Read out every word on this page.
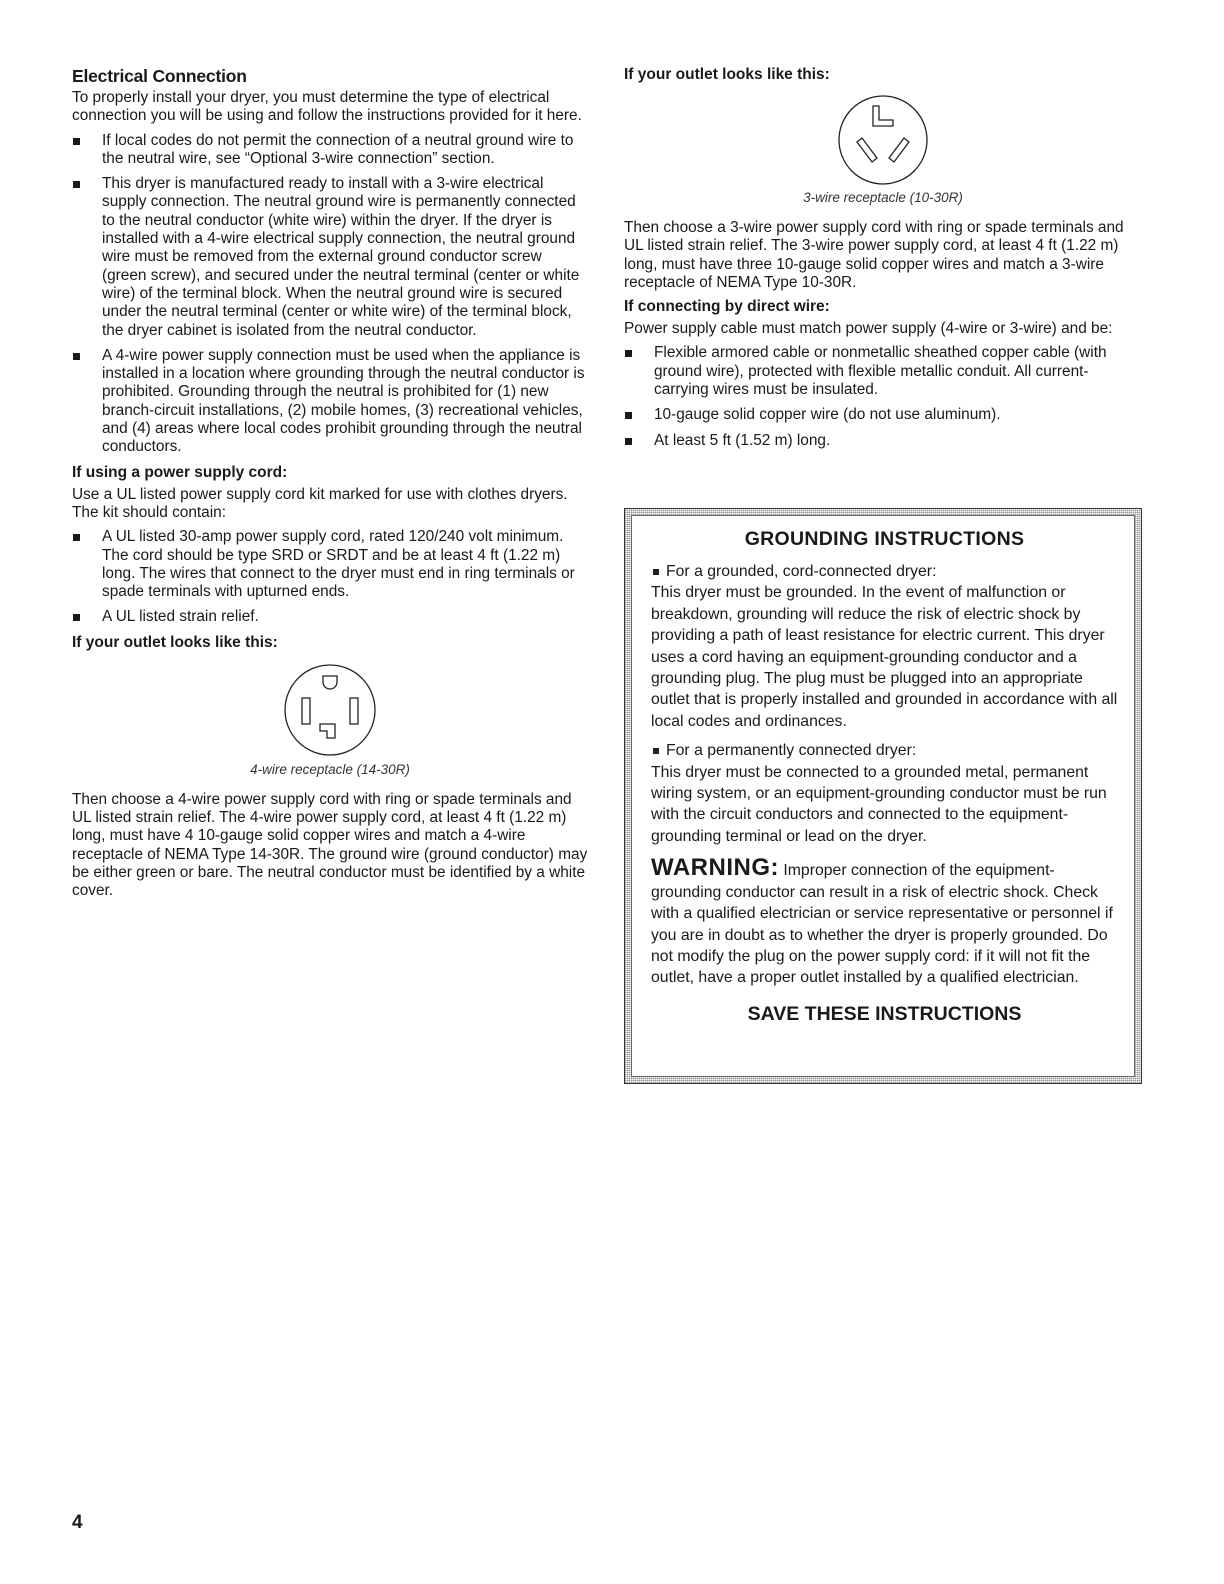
Electrical Connection

To properly install your dryer, you must determine the type of electrical connection you will be using and follow the instructions provided for it here.

If local codes do not permit the connection of a neutral ground wire to the neutral wire, see “Optional 3-wire connection” section.
This dryer is manufactured ready to install with a 3-wire electrical supply connection. The neutral ground wire is permanently connected to the neutral conductor (white wire) within the dryer. If the dryer is installed with a 4-wire electrical supply connection, the neutral ground wire must be removed from the external ground conductor screw (green screw), and secured under the neutral terminal (center or white wire) of the terminal block. When the neutral ground wire is secured under the neutral terminal (center or white wire) of the terminal block, the dryer cabinet is isolated from the neutral conductor.
A 4-wire power supply connection must be used when the appliance is installed in a location where grounding through the neutral conductor is prohibited. Grounding through the neutral is prohibited for (1) new branch-circuit installations, (2) mobile homes, (3) recreational vehicles, and (4) areas where local codes prohibit grounding through the neutral conductors.
If using a power supply cord:

Use a UL listed power supply cord kit marked for use with clothes dryers. The kit should contain:

A UL listed 30-amp power supply cord, rated 120/240 volt minimum. The cord should be type SRD or SRDT and be at least 4 ft (1.22 m) long. The wires that connect to the dryer must end in ring terminals or spade terminals with upturned ends.
A UL listed strain relief.
If your outlet looks like this:
4-wire receptacle (14-30R)

Then choose a 4-wire power supply cord with ring or spade terminals and UL listed strain relief. The 4-wire power supply cord, at least 4 ft (1.22 m) long, must have 4 10-gauge solid copper wires and match a 4-wire receptacle of NEMA Type 14-30R. The ground wire (ground conductor) may be either green or bare. The neutral conductor must be identified by a white cover.

If your outlet looks like this:
3-wire receptacle (10-30R)

Then choose a 3-wire power supply cord with ring or spade terminals and UL listed strain relief. The 3-wire power supply cord, at least 4 ft (1.22 m) long, must have three 10-gauge solid copper wires and match a 3-wire receptacle of NEMA Type 10-30R.

If connecting by direct wire:

Power supply cable must match power supply (4-wire or 3-wire) and be:

Flexible armored cable or nonmetallic sheathed copper cable (with ground wire), protected with flexible metallic conduit. All current-carrying wires must be insulated.
10-gauge solid copper wire (do not use aluminum).
At least 5 ft (1.52 m) long.
GROUNDING INSTRUCTIONS
For a grounded, cord-connected dryer:
This dryer must be grounded. In the event of malfunction or breakdown, grounding will reduce the risk of electric shock by providing a path of least resistance for electric current. This dryer uses a cord having an equipment-grounding conductor and a grounding plug. The plug must be plugged into an appropriate outlet that is properly installed and grounded in accordance with all local codes and ordinances.
For a permanently connected dryer:
This dryer must be connected to a grounded metal, permanent wiring system, or an equipment-grounding conductor must be run with the circuit conductors and connected to the equipment-grounding terminal or lead on the dryer.
WARNING: Improper connection of the equipment-grounding conductor can result in a risk of electric shock. Check with a qualified electrician or service representative or personnel if you are in doubt as to whether the dryer is properly grounded. Do not modify the plug on the power supply cord: if it will not fit the outlet, have a proper outlet installed by a qualified electrician.
SAVE THESE INSTRUCTIONS
4
